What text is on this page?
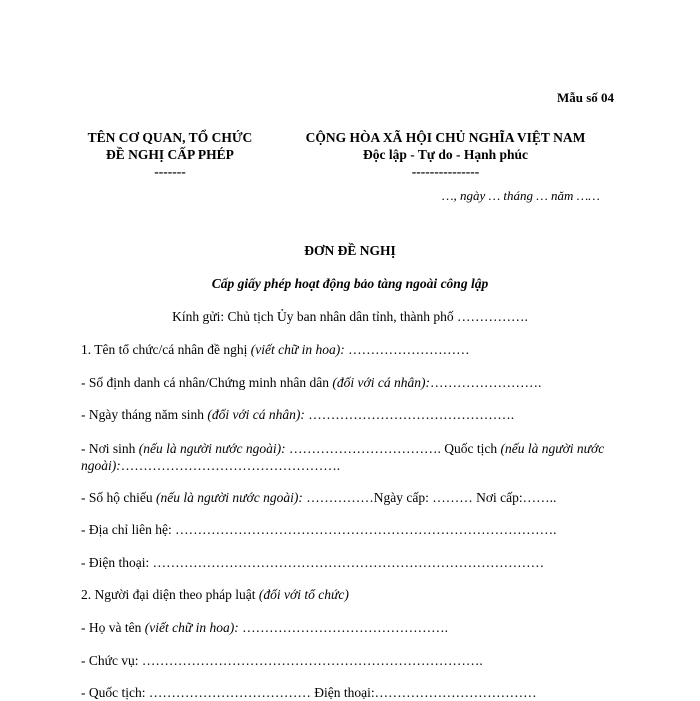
Mẫu số 04
TÊN CƠ QUAN, TỔ CHỨC
ĐỀ NGHỊ CẤP PHÉP
-------
CỘNG HÒA XÃ HỘI CHỦ NGHĨA VIỆT NAM
Độc lập - Tự do - Hạnh phúc
---------------
…, ngày … tháng … năm ……
ĐƠN ĐỀ NGHỊ
Cấp giấy phép hoạt động bảo tàng ngoài công lập
Kính gửi: Chủ tịch Ủy ban nhân dân tỉnh, thành phố …………….
1. Tên tổ chức/cá nhân đề nghị (viết chữ in hoa): ………………………
- Số định danh cá nhân/Chứng minh nhân dân (đối với cá nhân):…………………….
- Ngày tháng năm sinh (đối với cá nhân): ……………………………………….
- Nơi sinh (nếu là người nước ngoài): ……………………………. Quốc tịch (nếu là người nước
ngoài):………………………………………….
- Số hộ chiếu (nếu là người nước ngoài): ……………Ngày cấp: ……… Nơi cấp:……..
- Địa chỉ liên hệ: ………………………………………………………………………….
- Điện thoại: ……………………………………………………………………………
2. Người đại diện theo pháp luật (đối với tổ chức)
- Họ và tên (viết chữ in hoa): ……………………………………….
- Chức vụ: ………………………………………………………………….
- Quốc tịch: ……………………………… Điện thoại:………………………………
